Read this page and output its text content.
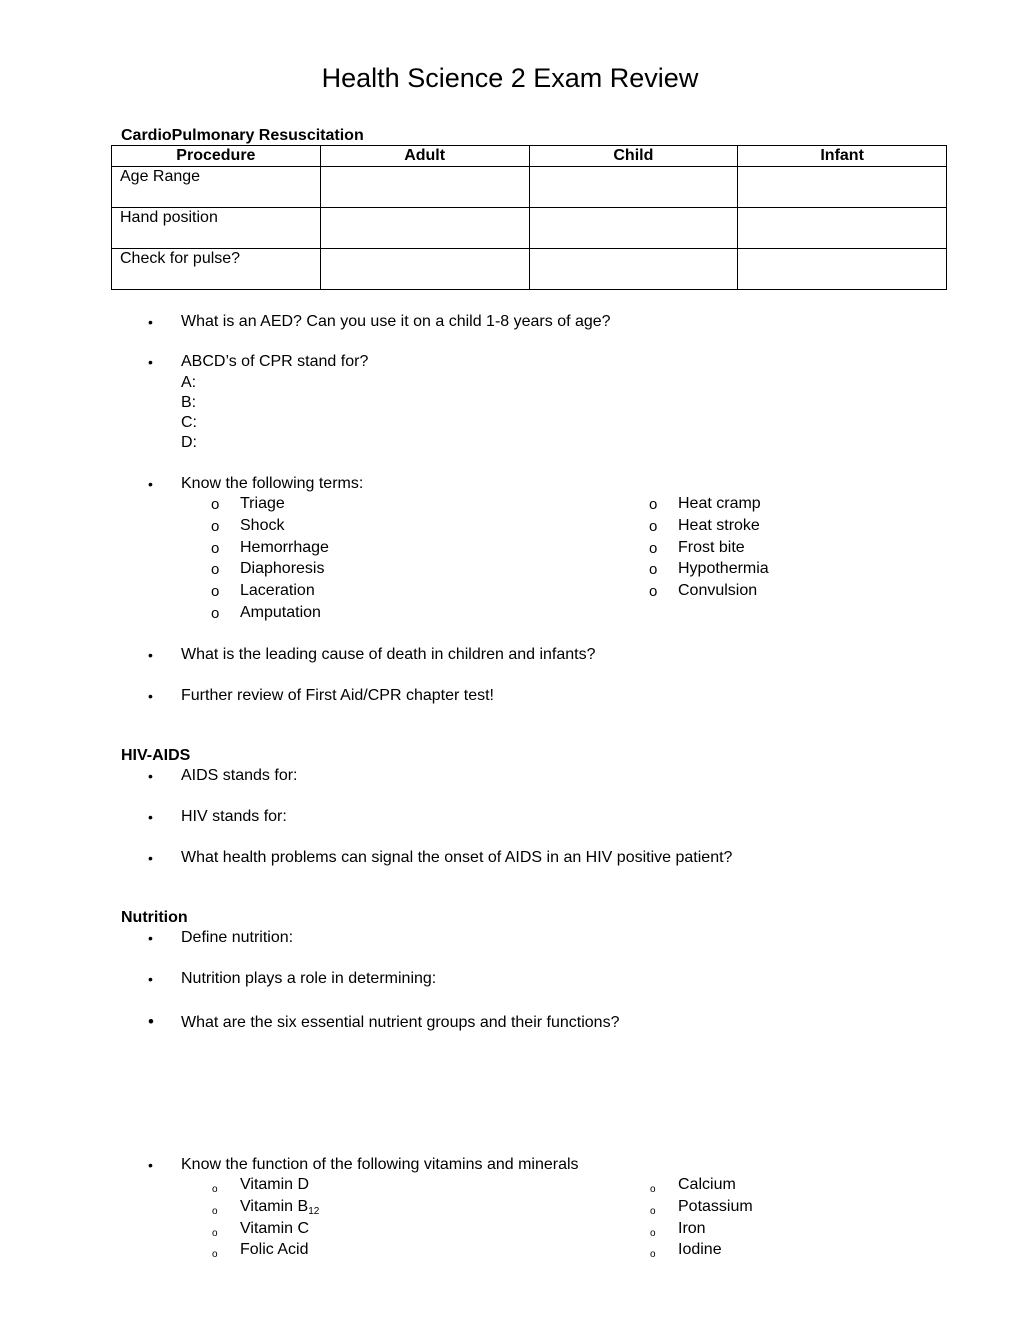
Health Science 2 Exam Review
CardioPulmonary Resuscitation
Procedure	Adult	Child	Infant
Age Range			
Hand position			
Check for pulse?			
• What is an AED? Can you use it on a child 1-8 years of age?
• ABCD’s of CPR stand for?
A:
B:
C:
D:
• Know the following terms:
o Triage
o Shock
o Hemorrhage
o Diaphoresis
o Laceration
o Amputation
o Heat cramp
o Heat stroke
o Frost bite
o Hypothermia
o Convulsion
• What is the leading cause of death in children and infants?
• Further review of First Aid/CPR chapter test!
HIV-AIDS
• AIDS stands for:
• HIV stands for:
• What health problems can signal the onset of AIDS in an HIV positive patient?
Nutrition
• Define nutrition:
• Nutrition plays a role in determining:
• What are the six essential nutrient groups and their functions?
• Know the function of the following vitamins and minerals
o Vitamin D
o Vitamin $B_{12}$
o Vitamin C
o Folic Acid
o Calcium
o Potassium
o Iron
o Iodine
